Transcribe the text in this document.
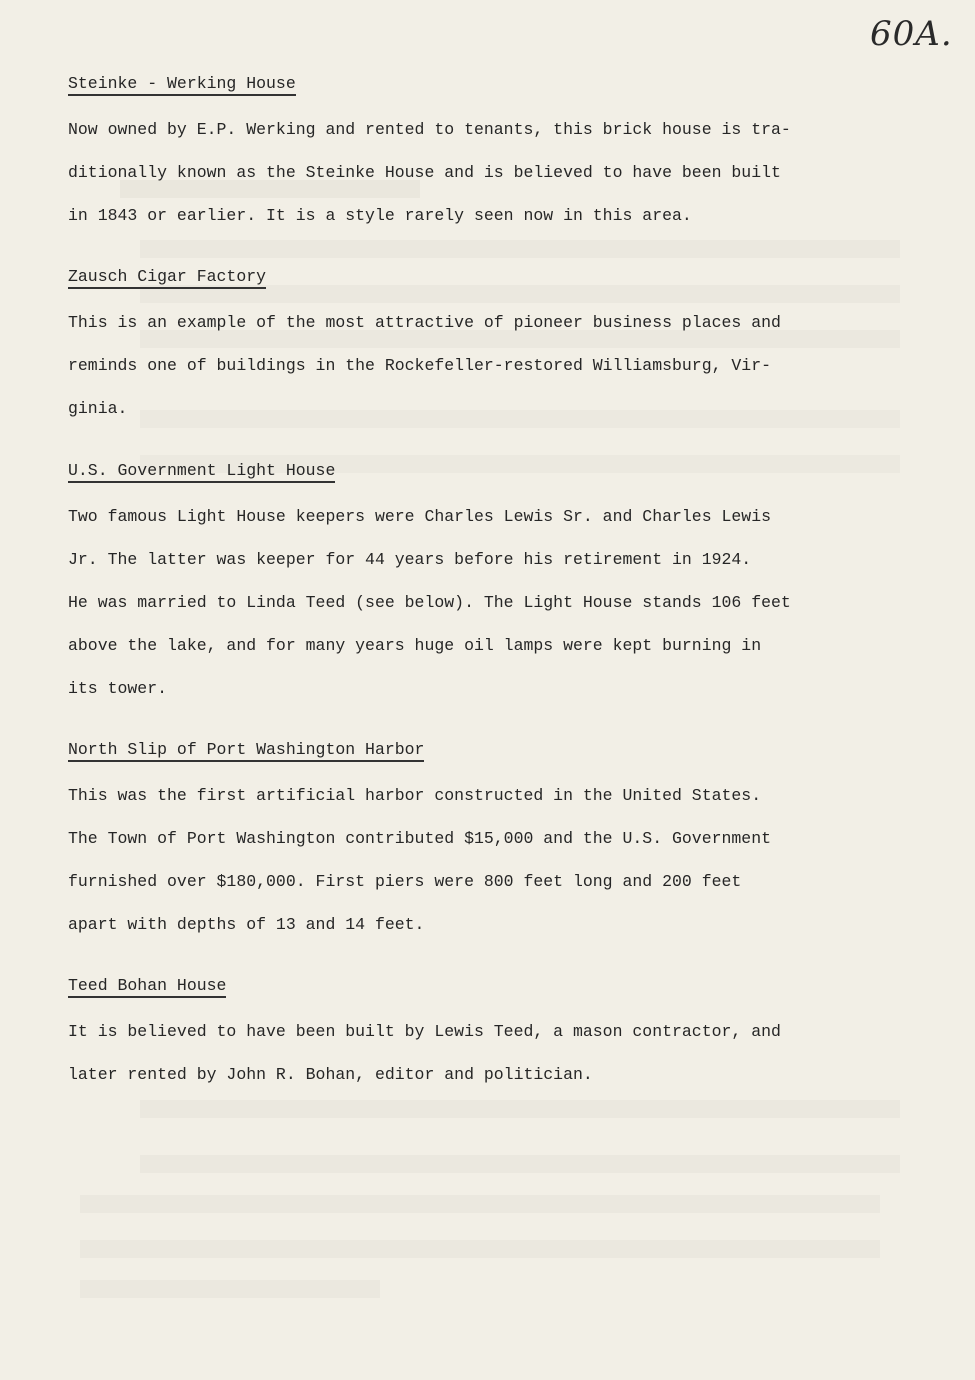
60A.
Steinke - Werking House
Now owned by E.P. Werking and rented to tenants, this brick house is tra-
ditionally known as the Steinke House and is believed to have been built
in 1843 or earlier. It is a style rarely seen now in this area.
Zausch Cigar Factory
This is an example of the most attractive of pioneer business places and
reminds one of buildings in the Rockefeller-restored Williamsburg, Vir-
ginia.
U.S. Government Light House
Two famous Light House keepers were Charles Lewis Sr. and Charles Lewis
Jr. The latter was keeper for 44 years before his retirement in 1924.
He was married to Linda Teed (see below). The Light House stands 106 feet
above the lake, and for many years huge oil lamps were kept burning in
its tower.
North Slip of Port Washington Harbor
This was the first artificial harbor constructed in the United States.
The Town of Port Washington contributed $15,000 and the U.S. Government
furnished over $180,000. First piers were 800 feet long and 200 feet
apart with depths of 13 and 14 feet.
Teed Bohan House
It is believed to have been built by Lewis Teed, a mason contractor, and
later rented by John R. Bohan, editor and politician.
